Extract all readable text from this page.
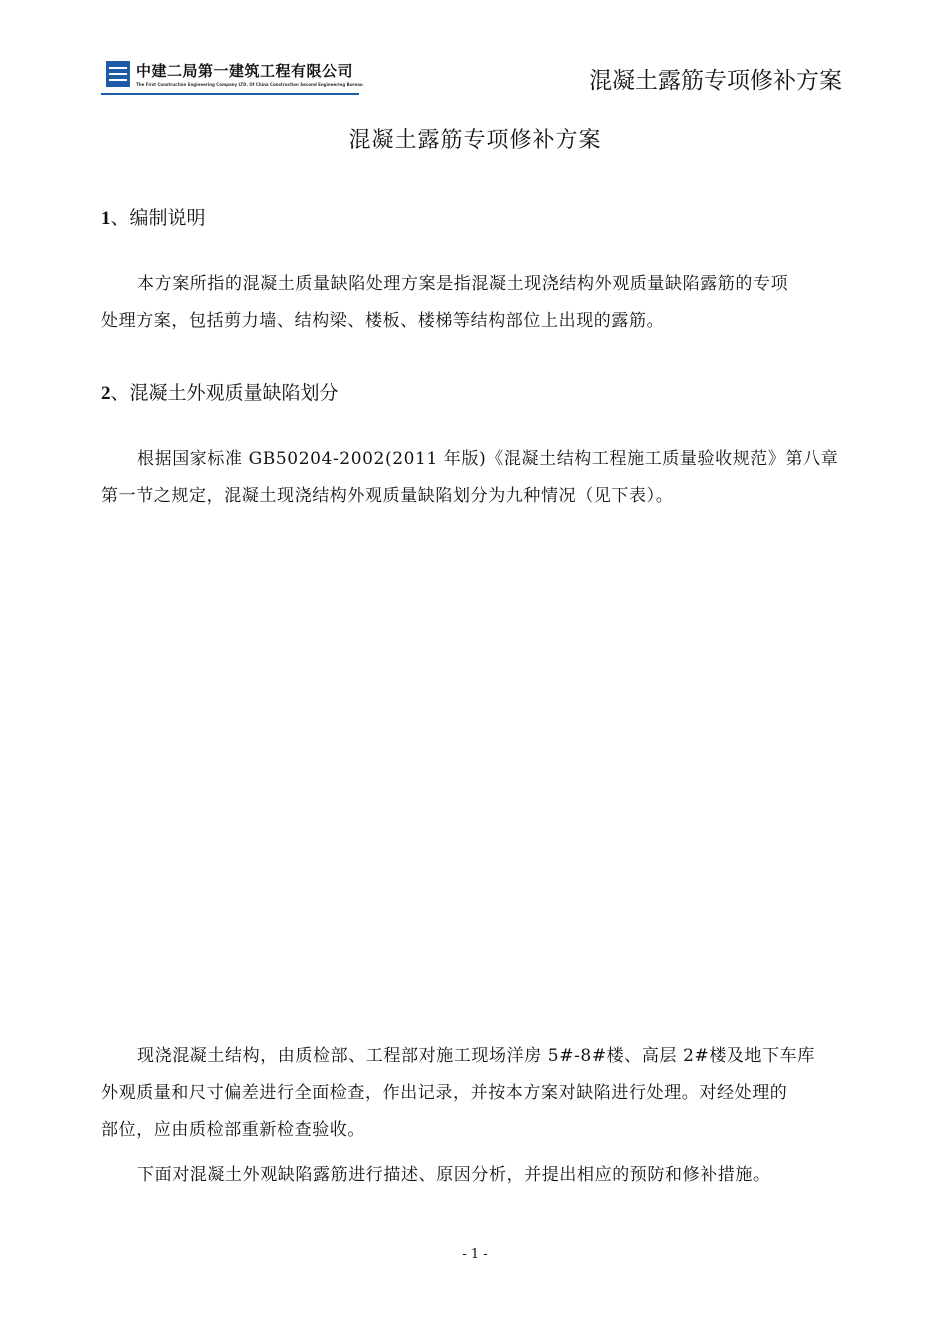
中建二局第一建筑工程有限公司
The First Construction Engineering Company LTD. Of China Construction Second Engineering Bureau	混凝土露筋专项修补方案
混凝土露筋专项修补方案
1、编制说明
本方案所指的混凝土质量缺陷处理方案是指混凝土现浇结构外观质量缺陷露筋的专项
处理方案，包括剪力墙、结构梁、楼板、楼梯等结构部位上出现的露筋。
2、混凝土外观质量缺陷划分
根据国家标准 GB50204-2002(2011 年版)《混凝土结构工程施工质量验收规范》第八章
第一节之规定，混凝土现浇结构外观质量缺陷划分为九种情况（见下表）。
现浇混凝土结构，由质检部、工程部对施工现场洋房 5#-8#楼、高层 2#楼及地下车库
外观质量和尺寸偏差进行全面检查，作出记录，并按本方案对缺陷进行处理。对经处理的
部位，应由质检部重新检查验收。
下面对混凝土外观缺陷露筋进行描述、原因分析，并提出相应的预防和修补措施。
- 1 -
